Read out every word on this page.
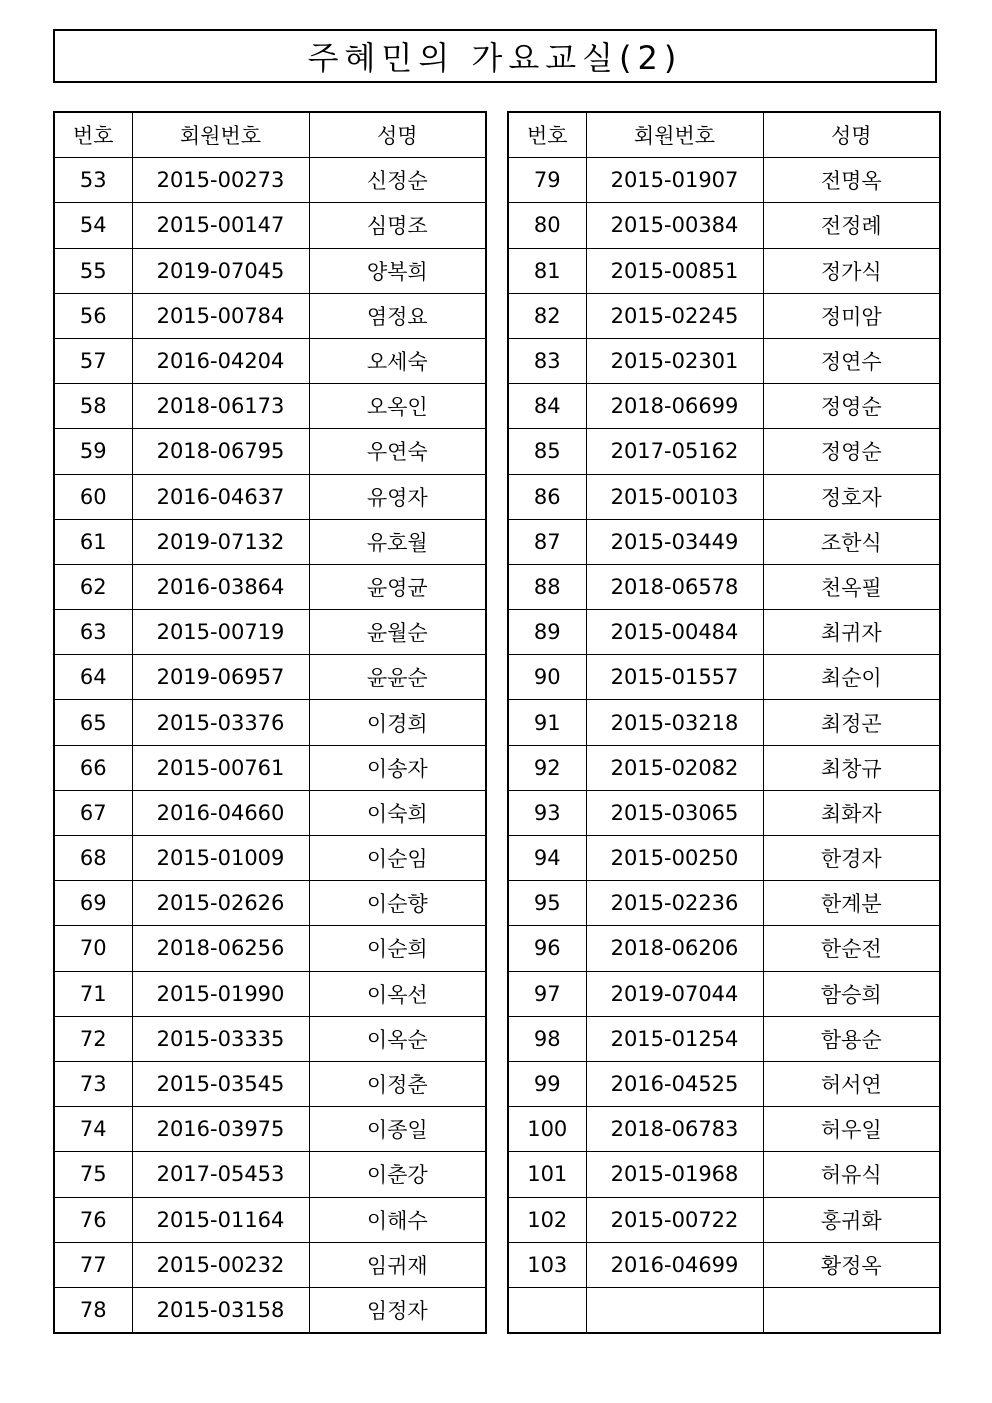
주혜민의 가요교실(2)
번호	회원번호	성명
53	2015-00273	신정순
54	2015-00147	심명조
55	2019-07045	양복희
56	2015-00784	염정요
57	2016-04204	오세숙
58	2018-06173	오옥인
59	2018-06795	우연숙
60	2016-04637	유영자
61	2019-07132	유호월
62	2016-03864	윤영균
63	2015-00719	윤월순
64	2019-06957	윤윤순
65	2015-03376	이경희
66	2015-00761	이송자
67	2016-04660	이숙희
68	2015-01009	이순임
69	2015-02626	이순향
70	2018-06256	이순희
71	2015-01990	이옥선
72	2015-03335	이옥순
73	2015-03545	이정춘
74	2016-03975	이종일
75	2017-05453	이춘강
76	2015-01164	이해수
77	2015-00232	임귀재
78	2015-03158	임정자
번호	회원번호	성명
79	2015-01907	전명옥
80	2015-00384	전정례
81	2015-00851	정가식
82	2015-02245	정미암
83	2015-02301	정연수
84	2018-06699	정영순
85	2017-05162	정영순
86	2015-00103	정호자
87	2015-03449	조한식
88	2018-06578	천옥필
89	2015-00484	최귀자
90	2015-01557	최순이
91	2015-03218	최정곤
92	2015-02082	최창규
93	2015-03065	최화자
94	2015-00250	한경자
95	2015-02236	한계분
96	2018-06206	한순전
97	2019-07044	함승희
98	2015-01254	함용순
99	2016-04525	허서연
100	2018-06783	허우일
101	2015-01968	허유식
102	2015-00722	홍귀화
103	2016-04699	황정옥
